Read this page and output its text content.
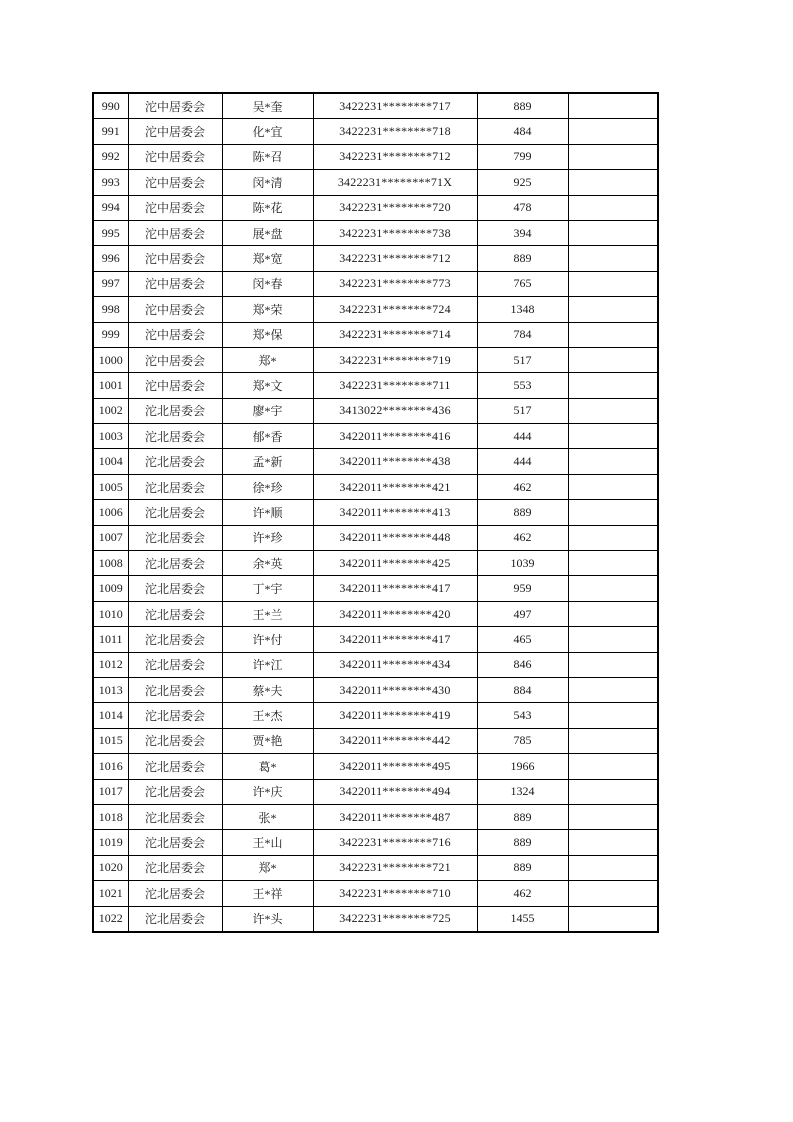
990	沱中居委会	吴*奎	3422231********717	889	
991	沱中居委会	化*宜	3422231********718	484	
992	沱中居委会	陈*召	3422231********712	799	
993	沱中居委会	闵*清	3422231********71X	925	
994	沱中居委会	陈*花	3422231********720	478	
995	沱中居委会	展*盘	3422231********738	394	
996	沱中居委会	郑*宽	3422231********712	889	
997	沱中居委会	闵*春	3422231********773	765	
998	沱中居委会	郑*荣	3422231********724	1348	
999	沱中居委会	郑*保	3422231********714	784	
1000	沱中居委会	郑*	3422231********719	517	
1001	沱中居委会	郑*文	3422231********711	553	
1002	沱北居委会	廖*宇	3413022********436	517	
1003	沱北居委会	郁*香	3422011********416	444	
1004	沱北居委会	孟*新	3422011********438	444	
1005	沱北居委会	徐*珍	3422011********421	462	
1006	沱北居委会	许*顺	3422011********413	889	
1007	沱北居委会	许*珍	3422011********448	462	
1008	沱北居委会	余*英	3422011********425	1039	
1009	沱北居委会	丁*宇	3422011********417	959	
1010	沱北居委会	王*兰	3422011********420	497	
1011	沱北居委会	许*付	3422011********417	465	
1012	沱北居委会	许*江	3422011********434	846	
1013	沱北居委会	蔡*夫	3422011********430	884	
1014	沱北居委会	王*杰	3422011********419	543	
1015	沱北居委会	贾*艳	3422011********442	785	
1016	沱北居委会	葛*	3422011********495	1966	
1017	沱北居委会	许*庆	3422011********494	1324	
1018	沱北居委会	张*	3422011********487	889	
1019	沱北居委会	王*山	3422231********716	889	
1020	沱北居委会	郑*	3422231********721	889	
1021	沱北居委会	王*祥	3422231********710	462	
1022	沱北居委会	许*头	3422231********725	1455	
